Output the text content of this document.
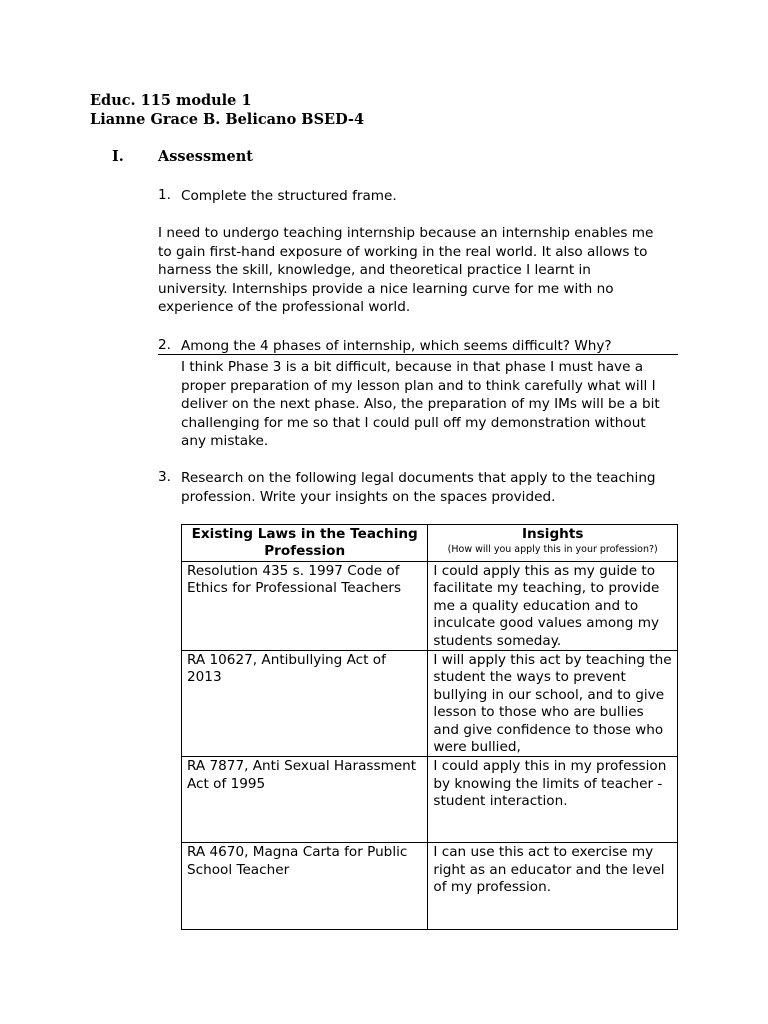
Educ. 115 module 1
Lianne Grace B. Belicano BSED-4
I. Assessment
1. Complete the structured frame.
I need to undergo teaching internship because an internship enables me
to gain first-hand exposure of working in the real world. It also allows to
harness the skill, knowledge, and theoretical practice I learnt in
university. Internships provide a nice learning curve for me with no
experience of the professional world.
2. Among the 4 phases of internship, which seems difficult? Why?
I think Phase 3 is a bit difficult, because in that phase I must have a
proper preparation of my lesson plan and to think carefully what will I
deliver on the next phase. Also, the preparation of my IMs will be a bit
challenging for me so that I could pull off my demonstration without
any mistake.
3. Research on the following legal documents that apply to the teaching
profession. Write your insights on the spaces provided.
Existing Laws in the Teaching Profession	Insights
(How will you apply this in your profession?)

Resolution 435 s. 1997 Code of Ethics for Professional Teachers	I could apply this as my guide to facilitate my teaching, to provide me a quality education and to inculcate good values among my students someday.
RA 10627, Antibullying Act of 2013	I will apply this act by teaching the student the ways to prevent bullying in our school, and to give lesson to those who are bullies and give confidence to those who were bullied,
RA 7877, Anti Sexual Harassment Act of 1995	I could apply this in my profession by knowing the limits of teacher -student interaction.
RA 4670, Magna Carta for Public School Teacher	I can use this act to exercise my right as an educator and the level of my profession.
